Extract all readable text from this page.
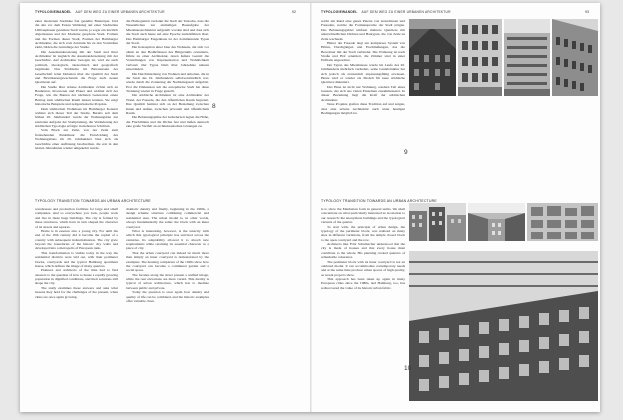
TYPOLOGIEWANDEL AUF DEM WEG ZU EINER URBANEN ARCHITEKTUR	92

einer modernen Stadtidee frei gestellte Baukörper. Und die alte vor dem Ersten Weltkrieg auf einer Stadtteilen Umbauphasen gestaltete Stadt wurde, ja sogar ein letztlich abgerissenes und der Moderne geopferte Stadt. Formen und die Formen dieser Stadt, Formen der Hamburger Architektur, die sich vom Zentrum bis zu den Vorstädten zieht, bilden die Grundlage der Studie.

Die Auseinandersetzung mit der Stadt und ihrer Architektur ist zugleich die Auseinandersetzung mit der Geschichte. Auf Architektur bezogen ist, wird sie auch politisch, ideologisch, ökonomisch und geografisch begründet. Das Städtische im Bewusstsein der Gesellschaft leitet Debatten über die Qualität der Stadt und Bevölkerungswachstum die Frage nach neuen Quartieren auf.

Die Studie über urbane Architektur richtet sich an Bauherren, Investoren und Planer und widmet sich der Frage, wie die Bauten der nächsten Generation einen Beitrag zum städtischen Raum leisten können. Sie zeigt historische Beispiele und zeitgenössische Projekte.

Dem städtischen Wohnhaus im Hamburger Kontext widmet sich dieser Teil der Studie. Bereits seit dem frühen 20. Jahrhundert wurde der Wohnungsbau zur zentralen Aufgabe der Stadtplanung, die Veränderung der städtischen Typologie erfolgte in mehreren Schritten.

Vom Block zur Zeile, von der Zeile zum freistehenden Punkthaus: die Entwicklung des Wohnungsbaus im 20. Jahrhundert lässt sich als Geschichte einer Auflösung beschreiben, die erst in den letzten Jahrzehnten wieder umgekehrt wurde.

die Homogenität verdankt die Stadt der Tatsache, dass die Wesentlichen zur einmaligen Bauaufgabe der Mietshausarchitektur aufgeteilt worden sind und dass sich die Stadt auch heute auf eine Epoche zurückführen lässt. Das Hamburger Etagenhaus ist der dominierende Typus der Stadt.

Die Konzeption einer Idee des Wohnens, die sich vor allem an den Bedürfnissen des Bürgertums orientierte, führte zu einer Architektur, deren äußere Gestalt die Vorstellungen von Repräsentation und Wohnlichkeit verband. Der Typus blieb über Jahrzehnte nahezu unverändert.

Die Durchmischung von Wohnen und Arbeiten, die in der Stadt des 19. Jahrhunderts selbstverständlich war, wurde durch die Zonierung der Nachkriegszeit aufgelöst. Erst die Diskussion um die europäische Stadt hat diese Trennung wieder in Frage gestellt.

Die städtische Architektur ist eine Architektur der Wand, der Fassade, die den öffentlichen Raum begrenzt. Ihre Qualität bemisst sich an der Beziehung zwischen Innen und Außen, zwischen privatem und öffentlichem Raum.

Die Bebauungspläne der Gründerzeit legten die Höhe, die Fluchtlinien und die Dichte fest und ließen dennoch eine große Vielfalt an architektonischen Lösungen zu.

8
TYPOLOGY TRANSITION TOWARDS AN URBAN ARCHITECTURE

warehouses and production facilities for large and small companies. And so everywhere you look, people work and live in these huge buildings. The city is formed by these structures, which have in turn shaped the character of its streets and squares.

Home is in essence also a young city. For until the end of the 19th century did it become the capital of a country with subsequent industrialisation. The city grew beyond the boundaries of the historic city walls and developed into a metropolis of European rank.

This transformation is visible today in the way the residential districts were laid out, with their perimeter blocks, courtyards and the typical Hamburg apartment house, which defines the image of many quarters.

Planners and architects of the time had to find answers to the question of how to house a rapidly growing population in dignified conditions, and their solutions still shape the city.

The study examines these answers and asks what lessons they hold for the challenges of the present, when cities are once again growing.

dramatic density and finally, beginning in the 1960s, a design scheme structure combining commercial and residential uses. The urban model is, in other words, always fundamentally the same: the block with an inner courtyard.

What is interesting, however, is the tenacity with which this typological principle has survived across the centuries. Its adaptability allowed it to absorb new requirements while retaining its essential character as a piece of city.

That the urban courtyard can indeed be much more than simply an inner courtyard is demonstrated by the examples. The housing complexes of the 1920s show how the courtyard can become a communal garden and a social space.

The facades along the street present a unified image, while the rear elevations are more varied. This duality is typical of urban architecture, which has to mediate between public and private.

Today the question is once again how density and quality of life can be combined, and the historic examples offer valuable clues.

TYPOLOGIEWANDEL AUF DEM WEG ZU EINER URBANEN ARCHITEKTUR	93

reicht am Rand eine ganze Palette von Grundrissen und Fassaden, welche die Formensprache der Stadt prägen. Das Bebauungsgebiet umfasst mehrere Quartiere mit unterschiedlichen Dichten und Bautypen, die von Zeile zu Zeile wechseln.

Hinter der Fassade liegt ein komplexes System von Höfen, Durchgängen und Erschließungen, das die Bewohner mit der Stadt verbindet. Die Wohnung ist nach Straße und Hof orientiert, die Zimmer sind in einer Enfilade angeordnet.

Der Typus des Mietshauses wurde im Laufe des 20. Jahrhunderts mehrfach verändert, seine Grundstruktur hat sich jedoch als erstaunlich anpassungsfähig erwiesen. Heute wird er wieder als Modell für neue städtische Quartiere diskutiert.

Das Haus ist nicht nur Wohnung, sondern Teil eines Ganzen, das sich aus vielen Einzelnen zusammensetzt. In dieser Beziehung liegt die Kraft der städtischen Architektur.

Neue Projekte greifen diese Tradition auf und zeigen, dass eine urbane Architektur auch unter heutigen Bedingungen möglich ist.

TYPOLOGY TRANSITION TOWARDS AN URBAN ARCHITECTURE

is to show the Manhattan form in general terms. We shall concentrate on what particularly interested us in relation to our research: the anonymous buildings and the typological variants of the quarter.

To start with, the principle of urban design, the typology of the perimeter block, was realised on many sites in different variations, from the simple closed block to the open courtyard and the row.

Architects like Fritz Schumacher understood that the city is made of houses and that every house must contribute to the whole. His planning created quarters of remarkable coherence.

The perimeter block with its inner courtyard is not an outdated model. It can accommodate contemporary needs and at the same time produce urban spaces of high quality, as recent projects show.

This approach has been taken up again in many European cities since the 1980s, and Hamburg, too, has rediscovered the value of its historic urban fabric.

9
10
